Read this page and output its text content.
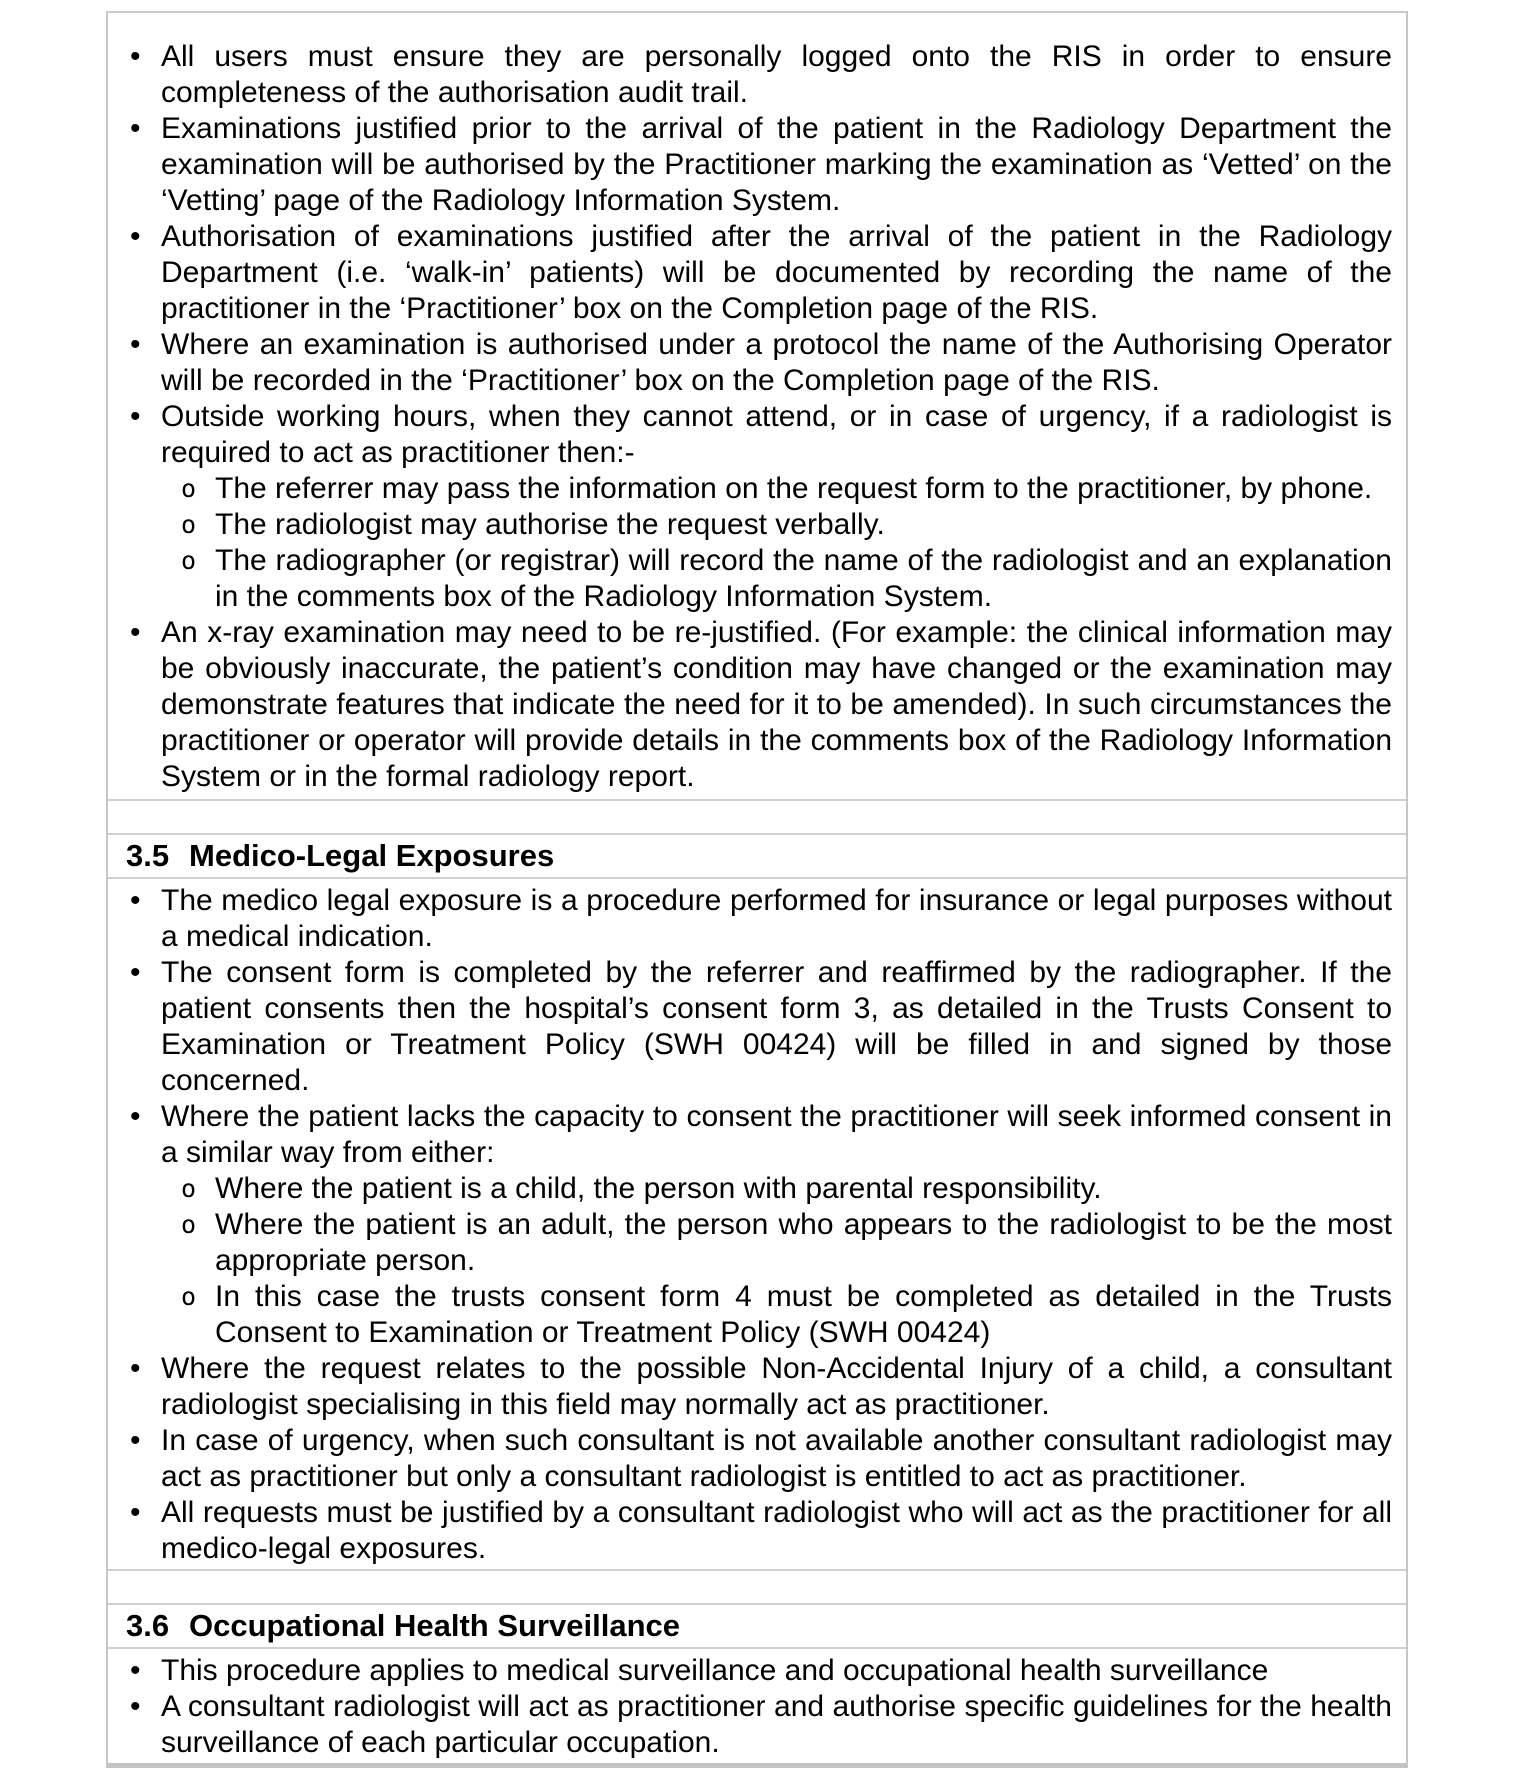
• All users must ensure they are personally logged onto the RIS in order to ensure completeness of the authorisation audit trail.
• Examinations justified prior to the arrival of the patient in the Radiology Department the examination will be authorised by the Practitioner marking the examination as ‘Vetted’ on the ‘Vetting’ page of the Radiology Information System.
• Authorisation of examinations justified after the arrival of the patient in the Radiology Department (i.e. ‘walk-in’ patients) will be documented by recording the name of the practitioner in the ‘Practitioner’ box on the Completion page of the RIS.
• Where an examination is authorised under a protocol the name of the Authorising Operator will be recorded in the ‘Practitioner’ box on the Completion page of the RIS.
• Outside working hours, when they cannot attend, or in case of urgency, if a radiologist is required to act as practitioner then:-
o The referrer may pass the information on the request form to the practitioner, by phone.
o The radiologist may authorise the request verbally.
o The radiographer (or registrar) will record the name of the radiologist and an explanation in the comments box of the Radiology Information System.
• An x-ray examination may need to be re-justified. (For example: the clinical information may be obviously inaccurate, the patient’s condition may have changed or the examination may demonstrate features that indicate the need for it to be amended). In such circumstances the practitioner or operator will provide details in the comments box of the Radiology Information System or in the formal radiology report.
3.5 Medico-Legal Exposures
• The medico legal exposure is a procedure performed for insurance or legal purposes without a medical indication.
• The consent form is completed by the referrer and reaffirmed by the radiographer. If the patient consents then the hospital’s consent form 3, as detailed in the Trusts Consent to Examination or Treatment Policy (SWH 00424) will be filled in and signed by those concerned.
• Where the patient lacks the capacity to consent the practitioner will seek informed consent in a similar way from either:
o Where the patient is a child, the person with parental responsibility.
o Where the patient is an adult, the person who appears to the radiologist to be the most appropriate person.
o In this case the trusts consent form 4 must be completed as detailed in the Trusts Consent to Examination or Treatment Policy (SWH 00424)
• Where the request relates to the possible Non-Accidental Injury of a child, a consultant radiologist specialising in this field may normally act as practitioner.
• In case of urgency, when such consultant is not available another consultant radiologist may act as practitioner but only a consultant radiologist is entitled to act as practitioner.
• All requests must be justified by a consultant radiologist who will act as the practitioner for all medico-legal exposures.
3.6 Occupational Health Surveillance
• This procedure applies to medical surveillance and occupational health surveillance
• A consultant radiologist will act as practitioner and authorise specific guidelines for the health surveillance of each particular occupation.
